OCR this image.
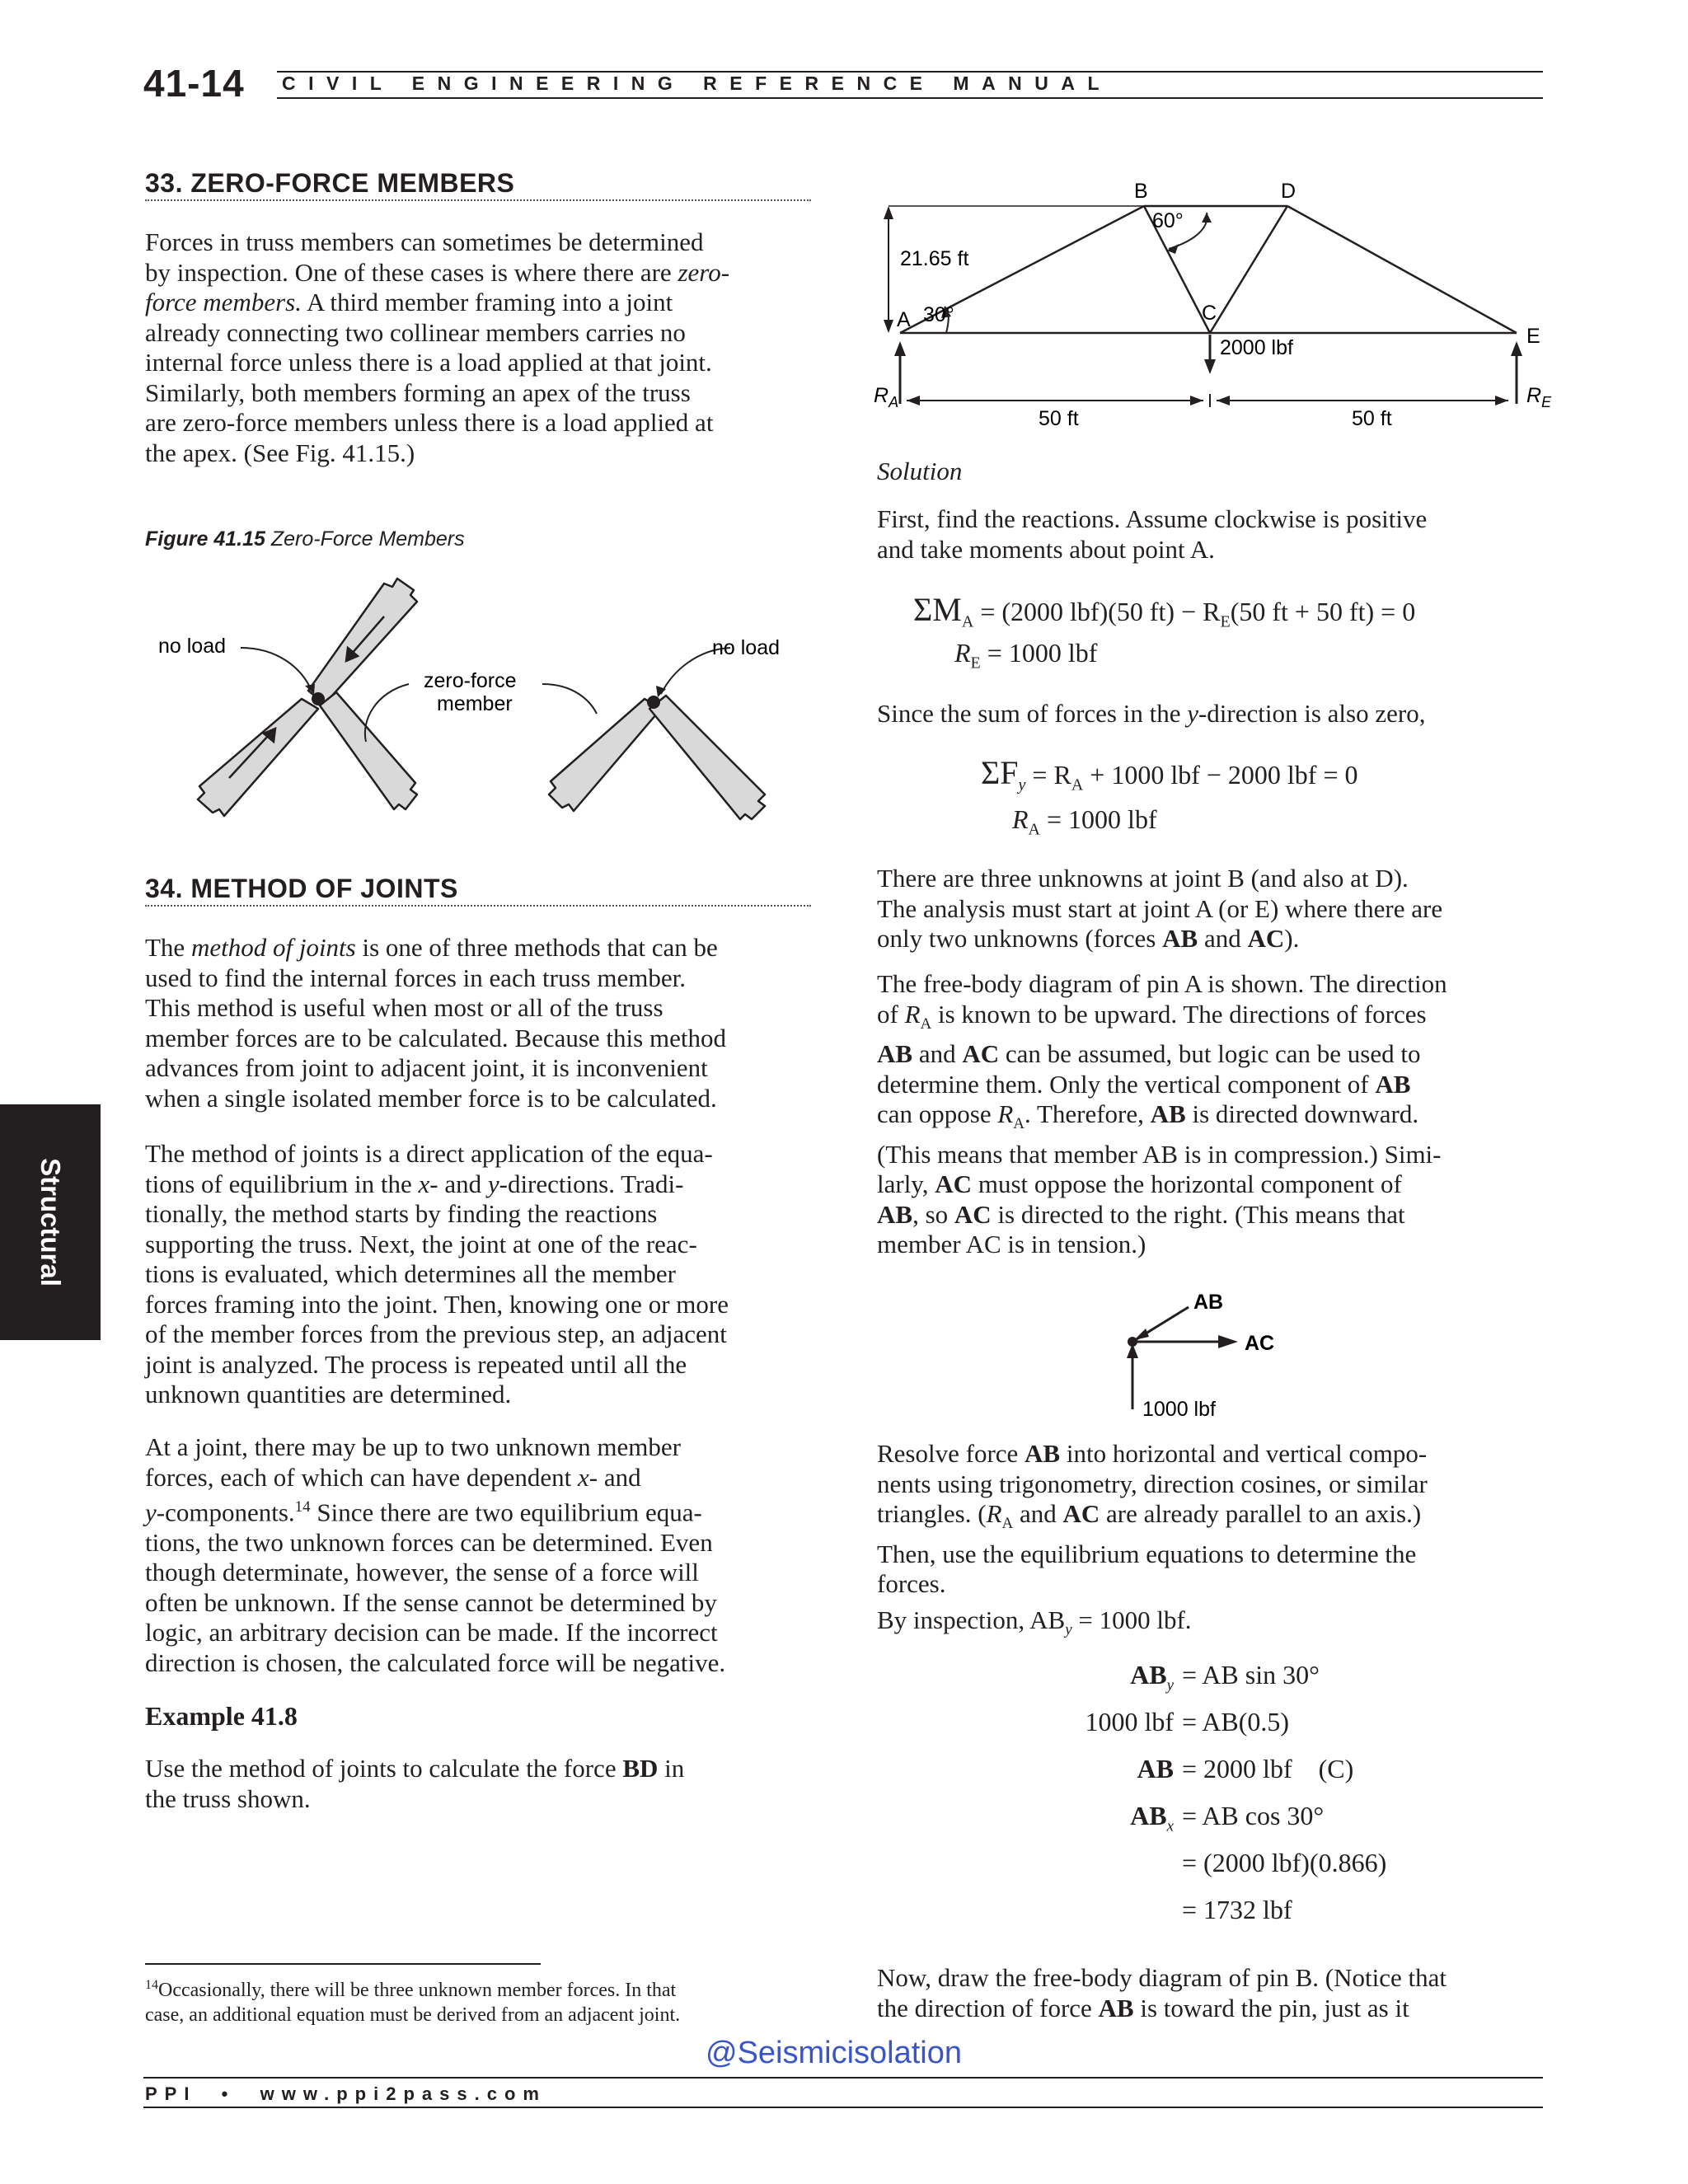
41-14 CIVIL ENGINEERING REFERENCE MANUAL
Structural
33. ZERO-FORCE MEMBERS
Forces in truss members can sometimes be determined
by inspection. One of these cases is where there are zero-
force members. A third member framing into a joint
already connecting two collinear members carries no
internal force unless there is a load applied at that joint.
Similarly, both members forming an apex of the truss
are zero-force members unless there is a load applied at
the apex. (See Fig. 41.15.)
Figure 41.15 Zero-Force Members
no load	no load
zero-force
member
34. METHOD OF JOINTS
The method of joints is one of three methods that can be
used to find the internal forces in each truss member.
This method is useful when most or all of the truss
member forces are to be calculated. Because this method
advances from joint to adjacent joint, it is inconvenient
when a single isolated member force is to be calculated.
The method of joints is a direct application of the equa-
tions of equilibrium in the x- and y-directions. Tradi-
tionally, the method starts by finding the reactions
supporting the truss. Next, the joint at one of the reac-
tions is evaluated, which determines all the member
forces framing into the joint. Then, knowing one or more
of the member forces from the previous step, an adjacent
joint is analyzed. The process is repeated until all the
unknown quantities are determined.
At a joint, there may be up to two unknown member
forces, each of which can have dependent x- and
y-components.$^{14}$ Since there are two equilibrium equa-
tions, the two unknown forces can be determined. Even
though determinate, however, the sense of a force will
often be unknown. If the sense cannot be determined by
logic, an arbitrary decision can be made. If the incorrect
direction is chosen, the calculated force will be negative.
Example 41.8
Use the method of joints to calculate the force BD in
the truss shown.
$^{14}$Occasionally, there will be three unknown member forces. In that
case, an additional equation must be derived from an adjacent joint.
B	D
C
A
E
60°
30°
21.65 ft
2000 lbf
50 ft	50 ft
$R_A$	$R_E$
Solution
First, find the reactions. Assume clockwise is positive
and take moments about point A.
$\Sigma M_A = (2000$ lbf)(50 $ft) - R_E(50$ ft + 50 ft) = 0
$R_E = 1000$ lbf
Since the sum of forces in the y-direction is also zero,
$\Sigma F_y = R_A + 1000$ lbf − 2000 lbf = 0
$R_A = 1000$ lbf
There are three unknowns at joint B (and also at D).
The analysis must start at joint A (or E) where there are
only two unknowns (forces AB and AC).
The free-body diagram of pin A is shown. The direction
of $R_A$ is known to be upward. The directions of forces
AB and AC can be assumed, but logic can be used to
determine them. Only the vertical component of AB
can oppose $R_A$. Therefore, AB is directed downward.
(This means that member AB is in compression.) Simi-
larly, AC must oppose the horizontal component of
AB, so AC is directed to the right. (This means that
member AC is in tension.)
AB
AC
1000 lbf
Resolve force AB into horizontal and vertical compo-
nents using trigonometry, direction cosines, or similar
triangles. ($R_A$ and AC are already parallel to an axis.)
Then, use the equilibrium equations to determine the
forces.
By inspection, $AB_y = 1000$ lbf.
$AB_y$ = AB sin 30°
1000 lbf = AB(0.5)
AB = 2000 lbf    (C)
$AB_x$ = AB cos 30°
= (2000 lbf)(0.866)
= 1732 lbf
Now, draw the free-body diagram of pin B. (Notice that
the direction of force AB is toward the pin, just as it
@Seismicisolation
PPI  •  www.ppi2pass.com
